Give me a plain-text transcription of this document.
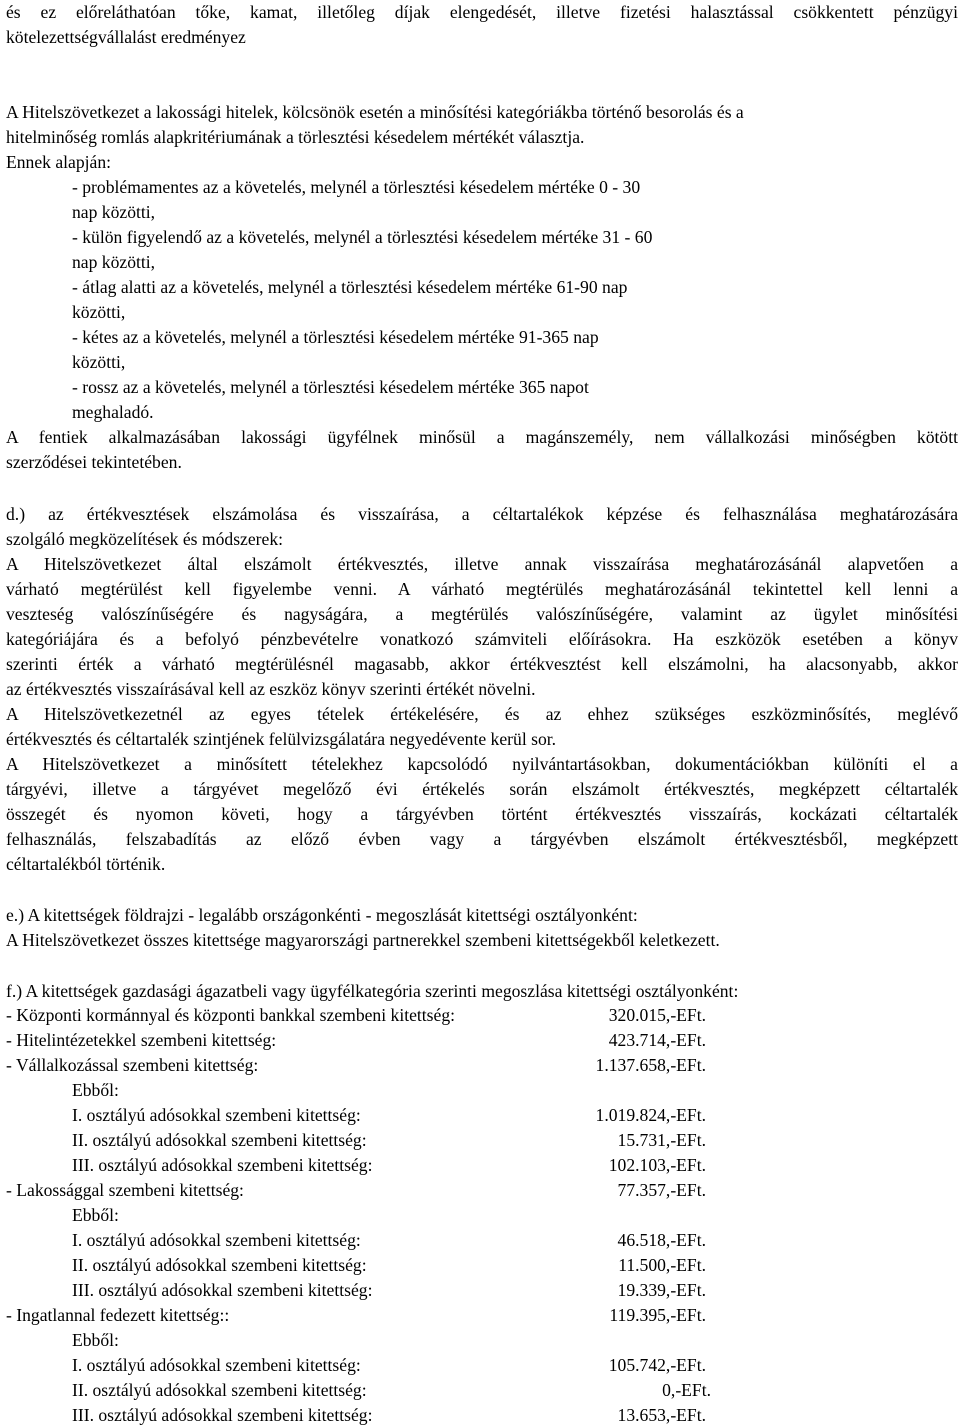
és ez előreláthatóan tőke, kamat, illetőleg díjak elengedését, illetve fizetési halasztással csökkentett pénzügyi
kötelezettségvállalást eredményez
A Hitelszövetkezet a lakossági hitelek, kölcsönök esetén a minősítési kategóriákba történő besorolás és a
hitelminőség romlás alapkritériumának a törlesztési késedelem mértékét választja.
Ennek alapján:
- problémamentes az a követelés, melynél a törlesztési késedelem mértéke 0 - 30
nap közötti,
- külön figyelendő az a követelés, melynél a törlesztési késedelem mértéke 31 - 60
nap közötti,
- átlag alatti az a követelés, melynél a törlesztési késedelem mértéke 61-90 nap
közötti,
- kétes az a követelés, melynél a törlesztési késedelem mértéke 91-365 nap
közötti,
- rossz az a követelés, melynél a törlesztési késedelem mértéke 365 napot
meghaladó.
A fentiek alkalmazásában lakossági ügyfélnek minősül a magánszemély, nem vállalkozási minőségben kötött
szerződései tekintetében.
d.) az értékvesztések elszámolása és visszaírása, a céltartalékok képzése és felhasználása meghatározására
szolgáló megközelítések és módszerek:
A Hitelszövetkezet által elszámolt értékvesztés, illetve annak visszaírása meghatározásánál alapvetően a
várható megtérülést kell figyelembe venni. A várható megtérülés meghatározásánál tekintettel kell lenni a
veszteség valószínűségére és nagyságára, a megtérülés valószínűségére, valamint az ügylet minősítési
kategóriájára és a befolyó pénzbevételre vonatkozó számviteli előírásokra. Ha eszközök esetében a könyv
szerinti érték a várható megtérülésnél magasabb, akkor értékvesztést kell elszámolni, ha alacsonyabb, akkor
az értékvesztés visszaírásával kell az eszköz könyv szerinti értékét növelni.
A Hitelszövetkezetnél az egyes tételek értékelésére, és az ehhez szükséges eszközminősítés, meglévő
értékvesztés és céltartalék szintjének felülvizsgálatára negyedévente kerül sor.
A Hitelszövetkezet a minősített tételekhez kapcsolódó nyilvántartásokban, dokumentációkban különíti el a
tárgyévi, illetve a tárgyévet megelőző évi értékelés során elszámolt értékvesztés, megképzett céltartalék
összegét és nyomon követi, hogy a tárgyévben történt értékvesztés visszaírás, kockázati céltartalék
felhasználás, felszabadítás az előző évben vagy a tárgyévben elszámolt értékvesztésből, megképzett
céltartalékból történik.
e.) A kitettségek földrajzi - legalább országonkénti - megoszlását kitettségi osztályonként:
A Hitelszövetkezet összes kitettsége magyarországi partnerekkel szembeni kitettségekből keletkezett.
f.) A kitettségek gazdasági ágazatbeli vagy ügyfélkategória szerinti megoszlása kitettségi osztályonként:
- Központi kormánnyal és központi bankkal szembeni kitettség:	320.015,-EFt.
- Hitelintézetekkel szembeni kitettség:	423.714,-EFt.
- Vállalkozással szembeni kitettség:	1.137.658,-EFt.
Ebből:
I. osztályú adósokkal szembeni kitettség:	1.019.824,-EFt.
II. osztályú adósokkal szembeni kitettség:	15.731,-EFt.
III. osztályú adósokkal szembeni kitettség:	102.103,-EFt.
- Lakossággal szembeni kitettség:	77.357,-EFt.
Ebből:
I. osztályú adósokkal szembeni kitettség:	46.518,-EFt.
II. osztályú adósokkal szembeni kitettség:	11.500,-EFt.
III. osztályú adósokkal szembeni kitettség:	19.339,-EFt.
- Ingatlannal fedezett kitettség::	119.395,-EFt.
Ebből:
I. osztályú adósokkal szembeni kitettség:	105.742,-EFt.
II. osztályú adósokkal szembeni kitettség:	0,-EFt.
III. osztályú adósokkal szembeni kitettség:	13.653,-EFt.
